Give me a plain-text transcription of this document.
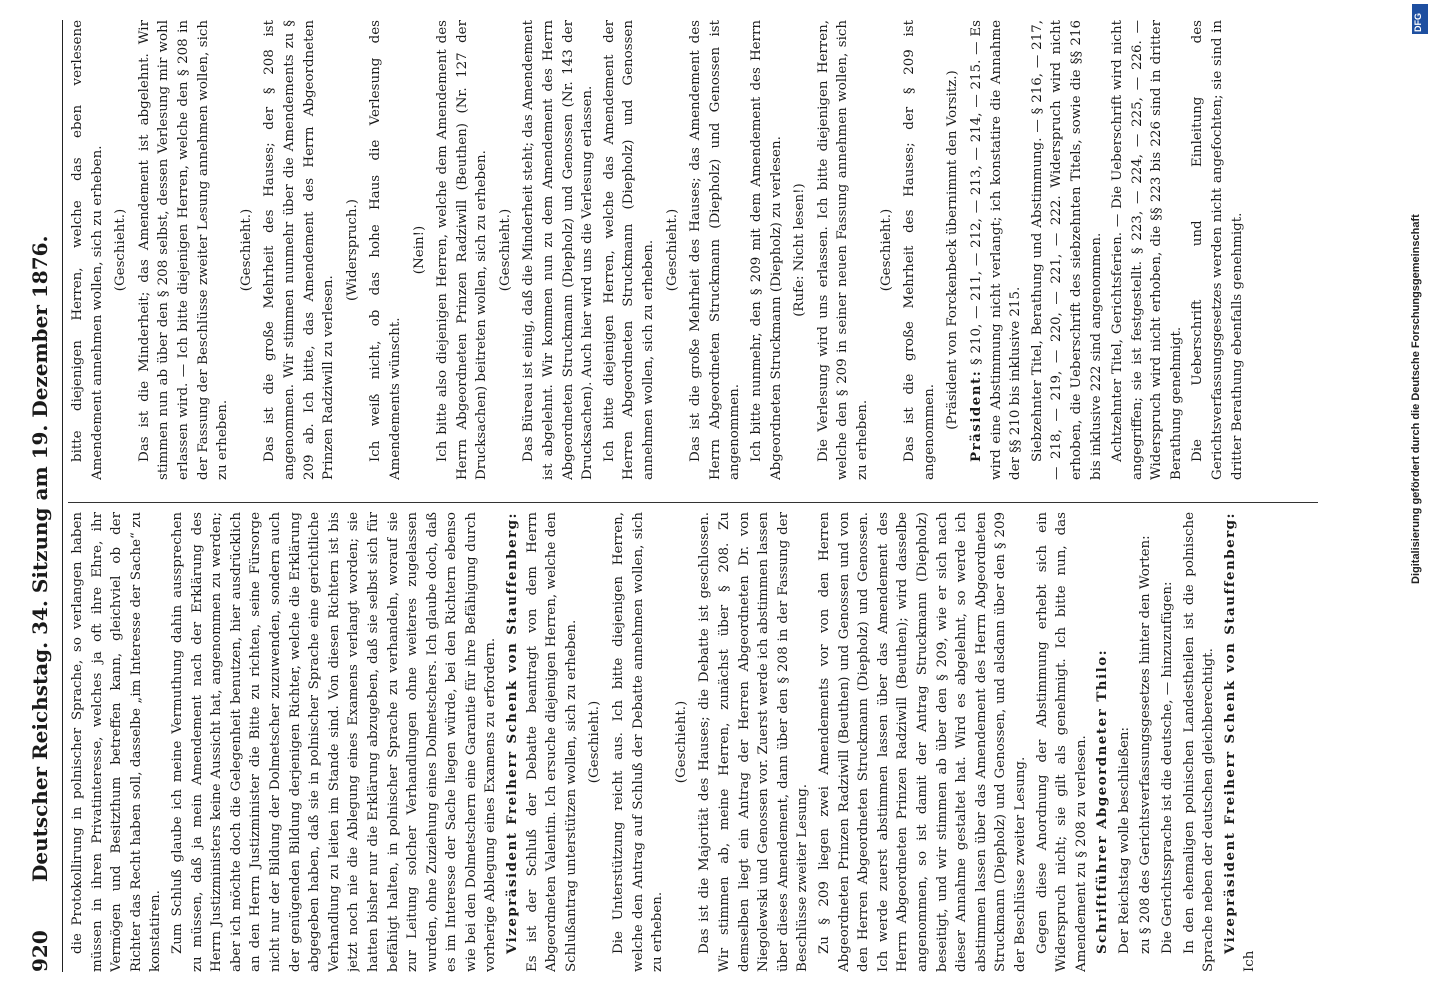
920
Deutscher Reichstag. 34. Sitzung am 19. Dezember 1876. die Protokollirung in polnischer Sprache, so verlangen haben müssen in ihren Privatinteresse, welches ja oft ihre Ehre, ihr Vermögen und Besitzthum betreffen kann, gleichviel ob der Richter das Recht haben soll, dasselbe „im Interesse der Sache“ zu konstatiren. Zum Schluß glaube ich meine Vermuthung dahin aussprechen zu müssen, daß ja mein Amendement nach der Erklärung des Herrn Justizministers keine Aussicht hat, angenommen zu werden; aber ich möchte doch die Gelegenheit benutzen, hier ausdrücklich an den Herrn Justizminister die Bitte zu richten, seine Fürsorge nicht nur der Bildung der Dolmetscher zuzuwenden, sondern auch der genügenden Bildung derjenigen Richter, welche die Erklärung abgegeben haben, daß sie in polnischer Sprache eine gerichtliche Verhandlung zu leiten im Stande sind. Von diesen Richtern ist bis jetzt noch nie die Ablegung eines Examens verlangt worden; sie hatten bisher nur die Erklärung abzugeben, daß sie selbst sich für befähigt halten, in polnischer Sprache zu verhandeln, worauf sie zur Leitung solcher Verhandlungen ohne weiteres zugelassen wurden, ohne Zuziehung eines Dolmetschers. Ich glaube doch, daß es im Interesse der Sache liegen würde, bei den Richtern ebenso wie bei den Dolmetschern eine Garantie für ihre Befähigung durch vorherige Ablegung eines Examens zu erfordern. Vizepräsident Freiherr Schenk von Stauffenberg: Es ist der Schluß der Debatte beantragt von dem Herrn Abgeordneten Valentin. Ich ersuche diejenigen Herren, welche den Schlußantrag unterstützen wollen, sich zu erheben. (Geschieht.) Die Unterstützung reicht aus. Ich bitte diejenigen Herren, welche den Antrag auf Schluß der Debatte annehmen wollen, sich zu erheben.

(Geschieht.) Das ist die Majorität des Hauses; die Debatte ist geschlossen. Wir stimmen ab, meine Herren, zunächst über § 208. Zu demselben liegt ein Antrag der Herren Abgeordneten Dr. von Niegolewski und Genossen vor. Zuerst werde ich abstimmen lassen über dieses Amendement, dann über den § 208 in der Fassung der Beschlüsse zweiter Lesung. Zu § 209 liegen zwei Amendements vor von den Herren Abgeordneten Prinzen Radziwill (Beuthen) und Genossen und von den Herren Abgeordneten Struckmann (Diepholz) und Genossen. Ich werde zuerst abstimmen lassen über das Amendement des Herrn Abgeordneten Prinzen Radziwill (Beuthen); wird dasselbe angenommen, so ist damit der Antrag Struckmann (Diepholz) beseitigt, und wir stimmen ab über den § 209, wie er sich nach dieser Annahme gestaltet hat. Wird es abgelehnt, so werde ich abstimmen lassen über das Amendement des Herrn Abgeordneten Struckmann (Diepholz) und Genossen, und alsdann über den § 209 der Beschlüsse zweiter Lesung. Gegen diese Anordnung der Abstimmung erhebt sich ein Widerspruch nicht; sie gilt als genehmigt. Ich bitte nun, das Amendement zu § 208 zu verlesen. Schriftführer Abgeordneter Thilo: Der Reichstag wolle beschließen: zu § 208 des Gerichtsverfassungsgesetzes hinter den Worten: Die Gerichtssprache ist die deutsche, — hinzuzufügen: In den ehemaligen polnischen Landestheilen ist die polnische Sprache neben der deutschen gleichberechtigt. Vizepräsident Freiherr Schenk von Stauffenberg: Ich

bitte diejenigen Herren, welche das eben verlesene Amendement annehmen wollen, sich zu erheben. (Geschieht.) Das ist die Minderheit; das Amendement ist abgelehnt. Wir stimmen nun ab über den § 208 selbst, dessen Verlesung mir wohl erlassen wird. — Ich bitte diejenigen Herren, welche den § 208 in der Fassung der Beschlüsse zweiter Lesung annehmen wollen, sich zu erheben.

(Geschieht.) Das ist die große Mehrheit des Hauses; der § 208 ist angenommen. Wir stimmen nunmehr über die Amendements zu § 209 ab. Ich bitte, das Amendement des Herrn Abgeordneten Prinzen Radziwill zu verlesen.

(Widerspruch.) Ich weiß nicht, ob das hohe Haus die Verlesung des Amendements wünscht.

(Nein!) Ich bitte also diejenigen Herren, welche dem Amendement des Herrn Abgeordneten Prinzen Radziwill (Beuthen) (Nr. 127 der Drucksachen) beitreten wollen, sich zu erheben. (Geschieht.) Das Büreau ist einig, daß die Minderheit steht; das Amendement ist abgelehnt. Wir kommen nun zu dem Amendement des Herrn Abgeordneten Struckmann (Diepholz) und Genossen (Nr. 143 der Drucksachen). Auch hier wird uns die Verlesung erlassen. Ich bitte diejenigen Herren, welche das Amendement der Herren Abgeordneten Struckmann (Diepholz) und Genossen annehmen wollen, sich zu erheben. (Geschieht.) Das ist die große Mehrheit des Hauses; das Amendement des Herrn Abgeordneten Struckmann (Diepholz) und Genossen ist angenommen. Ich bitte nunmehr, den § 209 mit dem Amendement des Herrn Abgeordneten Struckmann (Diepholz) zu verlesen. (Rufe: Nicht lesen!) Die Verlesung wird uns erlassen. Ich bitte diejenigen Herren, welche den § 209 in seiner neuen Fassung annehmen wollen, sich zu erheben.

(Geschieht.) Das ist die große Mehrheit des Hauses; der § 209 ist angenommen.

(Präsident von Forckenbeck übernimmt den Vorsitz.) Präsident: § 210, — 211, — 212, — 213, — 214, — 215. — Es wird eine Abstimmung nicht verlangt; ich konstatire die Annahme der §§ 210 bis inklusive 215. Siebzehnter Titel, Berathung und Abstimmung. — § 216, — 217, — 218, — 219, — 220, — 221, — 222. Widerspruch wird nicht erhoben, die Ueberschrift des siebzehnten Titels, sowie die §§ 216 bis inklusive 222 sind angenommen. Achtzehnter Titel, Gerichtsferien. — Die Ueberschrift wird nicht angegriffen; sie ist festgestellt. § 223, — 224, — 225, — 226. — Widerspruch wird nicht erhoben, die §§ 223 bis 226 sind in dritter Berathung genehmigt. Die Ueberschrift und Einleitung des Gerichtsverfassungsgesetzes werden nicht angefochten; sie sind in dritter Berathung ebenfalls genehmigt.	Digitalisierung gefördert durch die Deutsche Forschungsgemeinschaft
DFG
